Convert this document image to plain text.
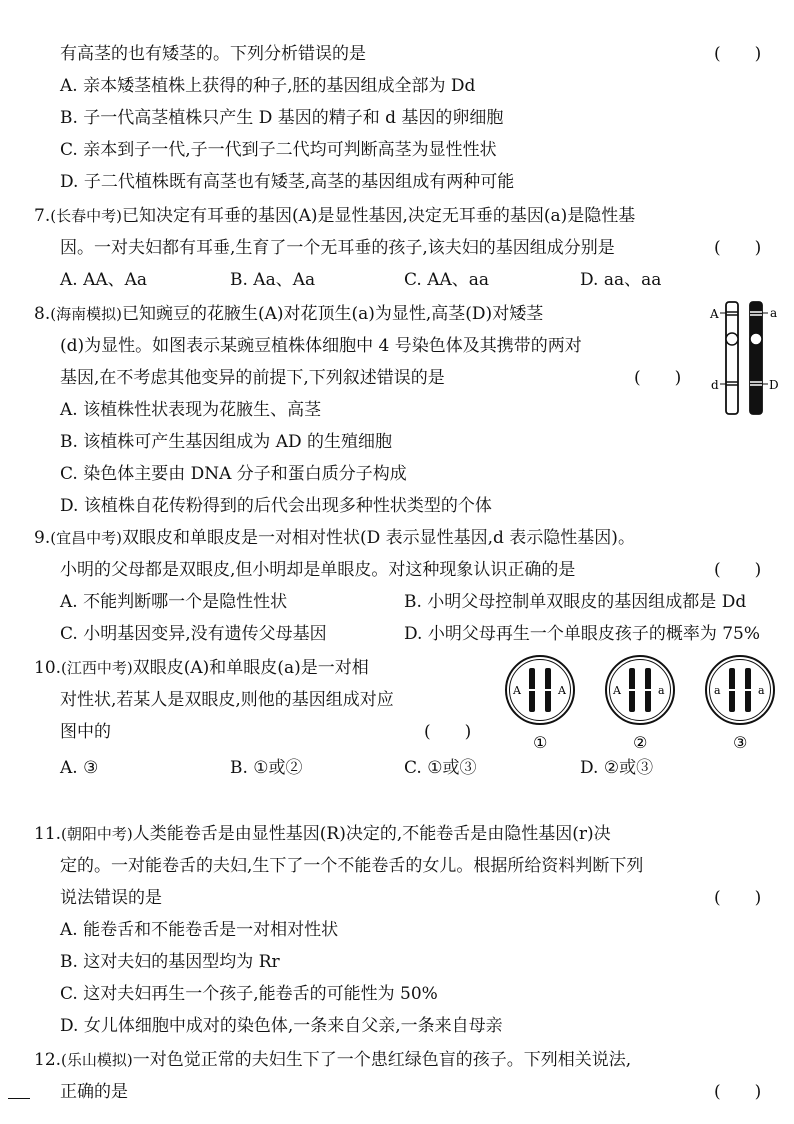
有高茎的也有矮茎的。下列分析错误的是	(　　)
A. 亲本矮茎植株上获得的种子,胚的基因组成全部为 Dd
B. 子一代高茎植株只产生 D 基因的精子和 d 基因的卵细胞
C. 亲本到子一代,子一代到子二代均可判断高茎为显性性状
D. 子二代植株既有高茎也有矮茎,高茎的基因组成有两种可能
7.(长春中考)已知决定有耳垂的基因(A)是显性基因,决定无耳垂的基因(a)是隐性基
因。一对夫妇都有耳垂,生育了一个无耳垂的孩子,该夫妇的基因组成分别是	(　　)
A. AA、Aa	B. Aa、Aa	C. AA、aa	D. aa、aa
8.(海南模拟)已知豌豆的花腋生(A)对花顶生(a)为显性,高茎(D)对矮茎
(d)为显性。如图表示某豌豆植株体细胞中 4 号染色体及其携带的两对
基因,在不考虑其他变异的前提下,下列叙述错误的是	(　　)
A. 该植株性状表现为花腋生、高茎
B. 该植株可产生基因组成为 AD 的生殖细胞
C. 染色体主要由 DNA 分子和蛋白质分子构成
D. 该植株自花传粉得到的后代会出现多种性状类型的个体
A	a
d	D
9.(宜昌中考)双眼皮和单眼皮是一对相对性状(D 表示显性基因,d 表示隐性基因)。
小明的父母都是双眼皮,但小明却是单眼皮。对这种现象认识正确的是	(　　)
A. 不能判断哪一个是隐性性状	B. 小明父母控制单双眼皮的基因组成都是 Dd
C. 小明基因变异,没有遗传父母基因	D. 小明父母再生一个单眼皮孩子的概率为 75%
10.(江西中考)双眼皮(A)和单眼皮(a)是一对相
对性状,若某人是双眼皮,则他的基因组成对应
图中的	(　　)
A. ③	B. ①或②	C. ①或③	D. ②或③
A	A
①
A	a
②
a	a
③
11.(朝阳中考)人类能卷舌是由显性基因(R)决定的,不能卷舌是由隐性基因(r)决
定的。一对能卷舌的夫妇,生下了一个不能卷舌的女儿。根据所给资料判断下列
说法错误的是	(　　)
A. 能卷舌和不能卷舌是一对相对性状
B. 这对夫妇的基因型均为 Rr
C. 这对夫妇再生一个孩子,能卷舌的可能性为 50%
D. 女儿体细胞中成对的染色体,一条来自父亲,一条来自母亲
12.(乐山模拟)一对色觉正常的夫妇生下了一个患红绿色盲的孩子。下列相关说法,
正确的是	(　　)
